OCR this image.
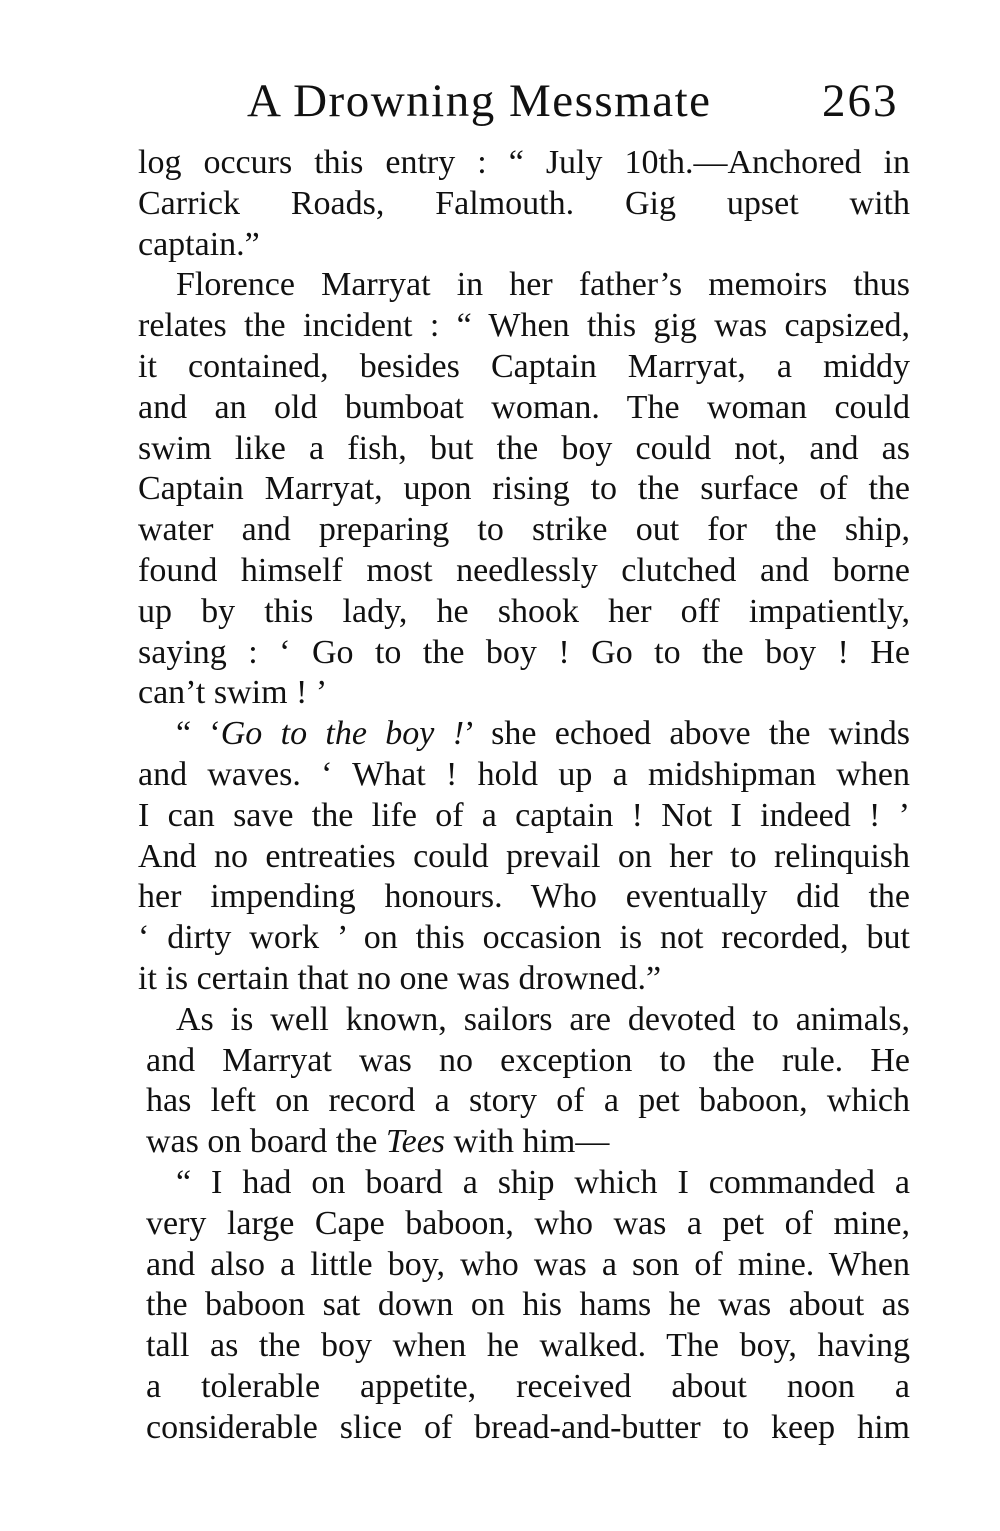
A Drowning Messmate 263
log occurs this entry : “ July 10th.—Anchored in
Carrick Roads, Falmouth. Gig upset with
captain.”
Florence Marryat in her father’s memoirs thus
relates the incident : “ When this gig was capsized,
it contained, besides Captain Marryat, a middy
and an old bumboat woman. The woman could
swim like a fish, but the boy could not, and as
Captain Marryat, upon rising to the surface of the
water and preparing to strike out for the ship,
found himself most needlessly clutched and borne
up by this lady, he shook her off impatiently,
saying : ‘ Go to the boy ! Go to the boy ! He
can’t swim ! ’
“ ‘Go to the boy !’ she echoed above the winds
and waves. ‘ What ! hold up a midshipman when
I can save the life of a captain ! Not I indeed ! ’
And no entreaties could prevail on her to relinquish
her impending honours. Who eventually did the
‘ dirty work ’ on this occasion is not recorded, but
it is certain that no one was drowned.”
As is well known, sailors are devoted to animals,
and Marryat was no exception to the rule. He
has left on record a story of a pet baboon, which
was on board the Tees with him—
“ I had on board a ship which I commanded a
very large Cape baboon, who was a pet of mine,
and also a little boy, who was a son of mine. When
the baboon sat down on his hams he was about as
tall as the boy when he walked. The boy, having
a tolerable appetite, received about noon a
considerable slice of bread-and-butter to keep him
